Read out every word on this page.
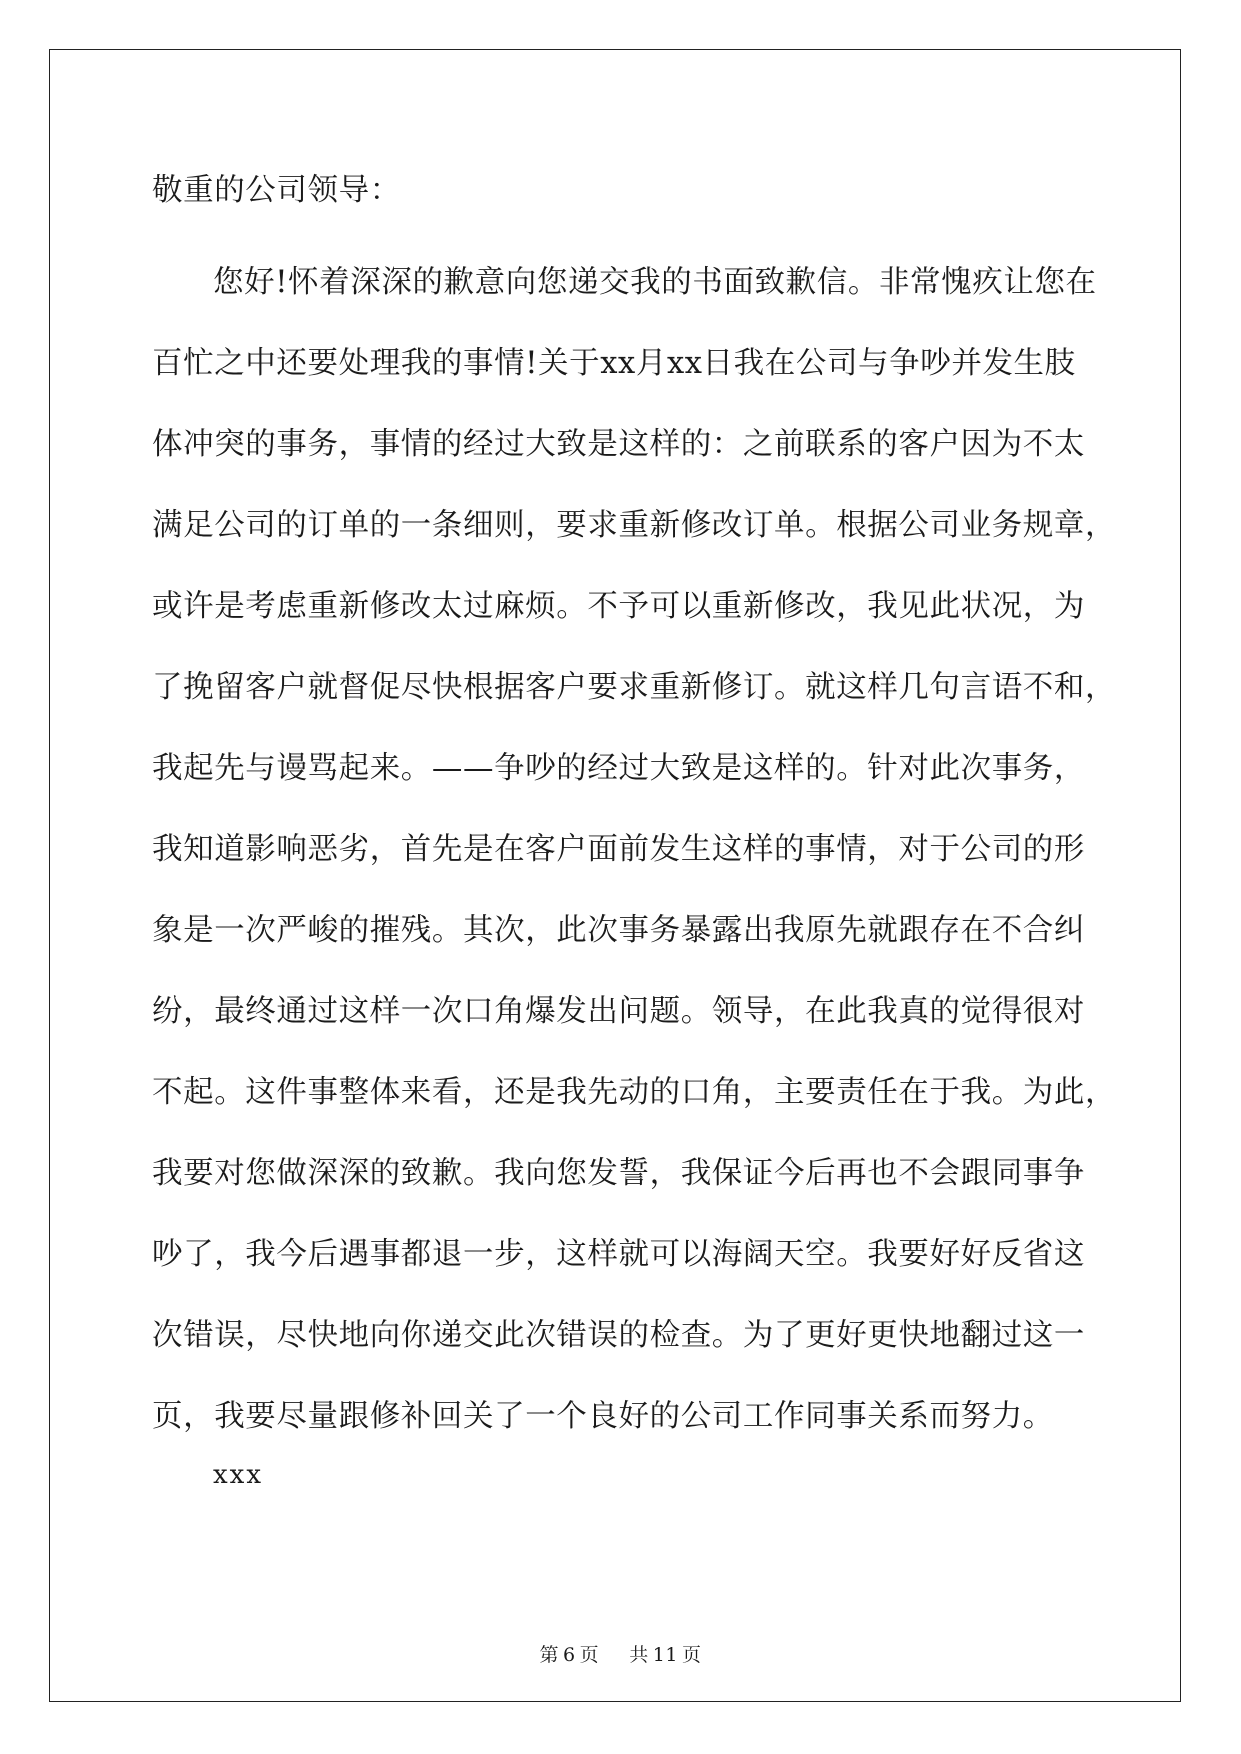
敬重的公司领导：
您好!怀着深深的歉意向您递交我的书面致歉信。非常愧疚让您在
百忙之中还要处理我的事情!关于xx月xx日我在公司与争吵并发生肢
体冲突的事务，事情的经过大致是这样的：之前联系的客户因为不太
满足公司的订单的一条细则，要求重新修改订单。根据公司业务规章，
或许是考虑重新修改太过麻烦。不予可以重新修改，我见此状况，为
了挽留客户就督促尽快根据客户要求重新修订。就这样几句言语不和，
我起先与谩骂起来。——争吵的经过大致是这样的。针对此次事务，
我知道影响恶劣，首先是在客户面前发生这样的事情，对于公司的形
象是一次严峻的摧残。其次，此次事务暴露出我原先就跟存在不合纠
纷，最终通过这样一次口角爆发出问题。领导，在此我真的觉得很对
不起。这件事整体来看，还是我先动的口角，主要责任在于我。为此，
我要对您做深深的致歉。我向您发誓，我保证今后再也不会跟同事争
吵了，我今后遇事都退一步，这样就可以海阔天空。我要好好反省这
次错误，尽快地向你递交此次错误的检查。为了更好更快地翻过这一
页，我要尽量跟修补回关了一个良好的公司工作同事关系而努力。
xxx
第 6 页 共 11 页
